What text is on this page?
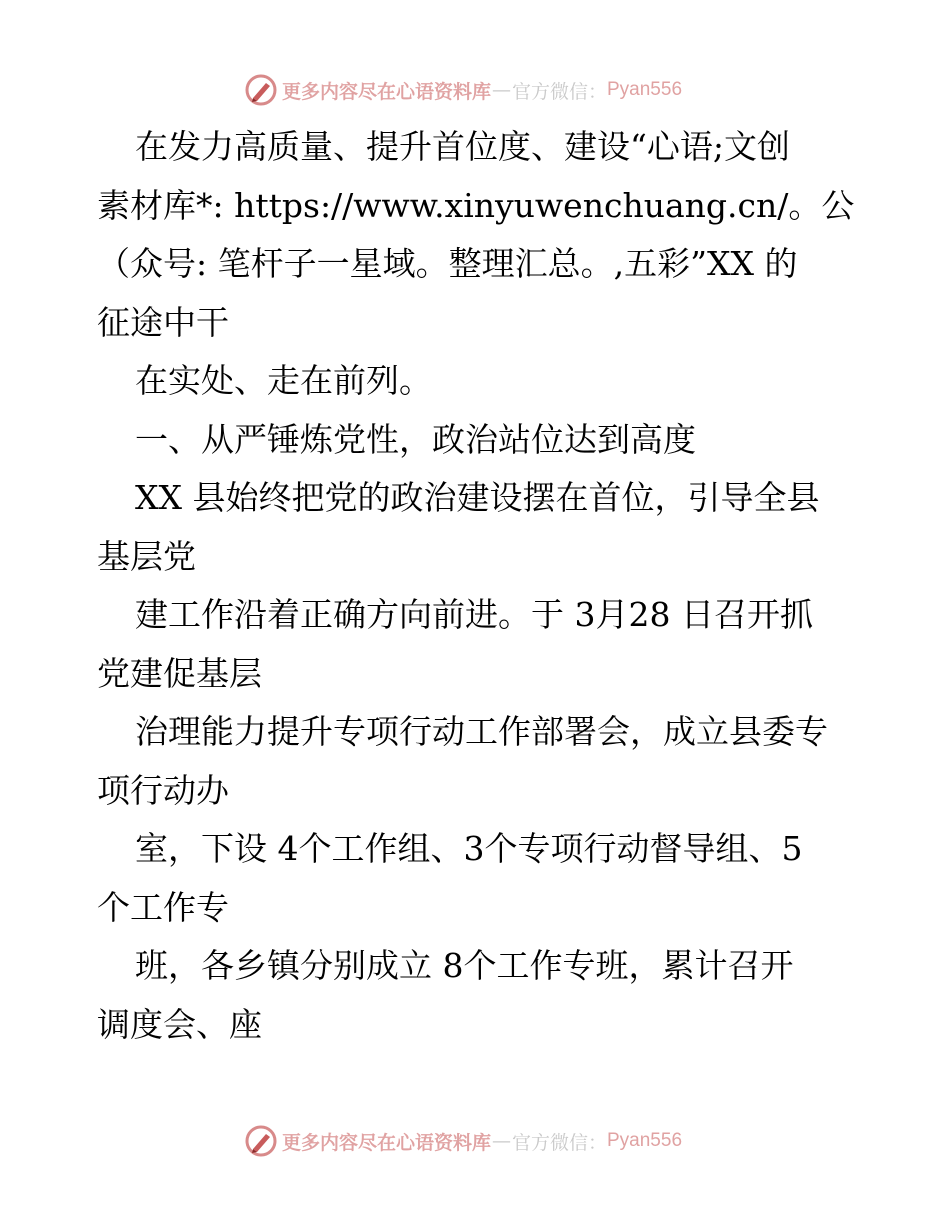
更多内容尽在心语资料库 — 官方微信： Pyan556
在发力高质量、提升首位度、建设“心语;文创
素材库*: https://www.xinyuwenchuang.cn/。公
（众号: 笔杆子一星域。整理汇总。,五彩”XX 的
征途中干
在实处、走在前列。
一、从严锤炼党性，政治站位达到高度
XX 县始终把党的政治建设摆在首位，引导全县
基层党
建工作沿着正确方向前进。于 3月28 日召开抓
党建促基层
治理能力提升专项行动工作部署会，成立县委专
项行动办
室，下设 4个工作组、3个专项行动督导组、5
个工作专
班，各乡镇分别成立 8个工作专班，累计召开
调度会、座
更多内容尽在心语资料库 — 官方微信： Pyan556
